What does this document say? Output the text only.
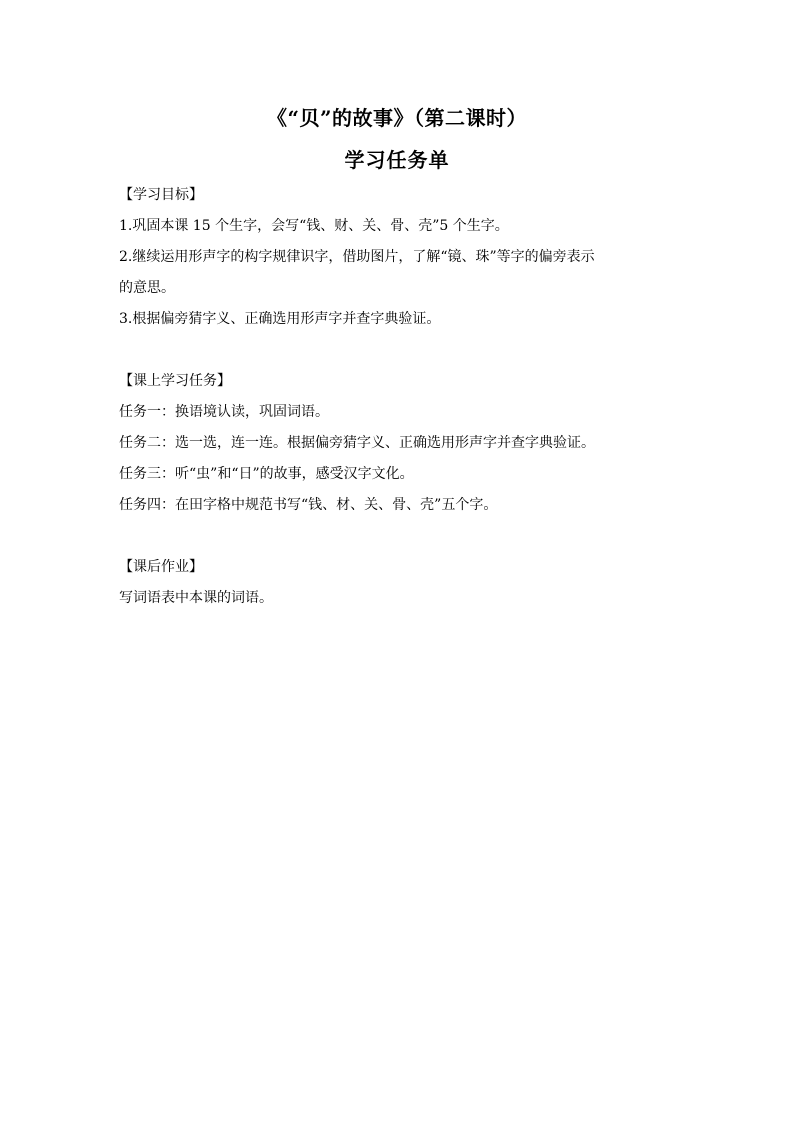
《“贝”的故事》（第二课时）
学习任务单

【学习目标】

1.巩固本课 15 个生字，会写“钱、财、关、骨、壳”5 个生字。

2.继续运用形声字的构字规律识字，借助图片，了解“镜、珠”等字的偏旁表示

的意思。

3.根据偏旁猜字义、正确选用形声字并查字典验证。

【课上学习任务】

任务一：换语境认读，巩固词语。

任务二：选一选，连一连。根据偏旁猜字义、正确选用形声字并查字典验证。

任务三：听“虫”和“日”的故事，感受汉字文化。

任务四：在田字格中规范书写“钱、材、关、骨、壳”五个字。

【课后作业】

写词语表中本课的词语。
